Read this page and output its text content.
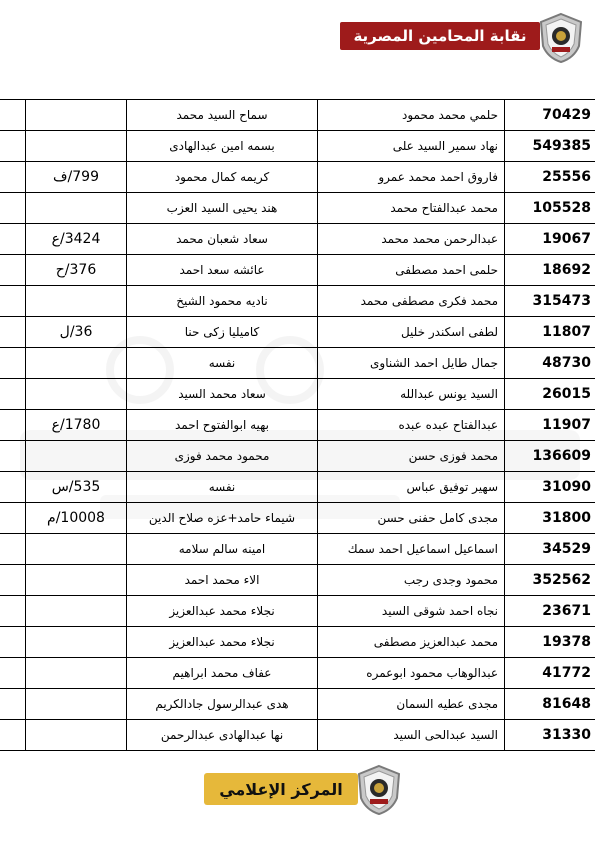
نقابة المحامين المصرية
70429	حلمي محمد محمود	سماح السيد محمد		
549385	نهاد سمير السيد على	بسمه امين عبدالهادى		
25556	فاروق احمد محمد عمرو	كريمه كمال محمود	799/ف	
105528	محمد عبدالفتاح محمد	هند يحيى السيد العزب		
19067	عبدالرحمن محمد محمد	سعاد شعبان محمد	3424/ع	
18692	حلمى احمد مصطفى	عائشه سعد احمد	376/ح	
315473	محمد فكرى مصطفى محمد	ناديه محمود الشيخ		
11807	لطفى اسكندر خليل	كاميليا زكى حنا	36/ل	
48730	جمال طايل احمد الشناوى	نفسه		
26015	السيد يونس عبدالله	سعاد محمد السيد		
11907	عبدالفتاح عبده عبده	بهيه ابوالفتوح احمد	1780/ع	
136609	محمد فوزى حسن	محمود محمد فوزى		
31090	سهير توفيق عباس	نفسه	535/س	
31800	مجدى كامل حفنى حسن	شيماء حامد+عزه صلاح الدين	10008/م	
34529	اسماعيل اسماعيل احمد سمك	امينه سالم سلامه		
352562	محمود وجدى رجب	الاء محمد احمد		
23671	نجاه احمد شوقى السيد	نجلاء محمد عبدالعزيز		
19378	محمد عبدالعزيز مصطفى	نجلاء محمد عبدالعزيز		
41772	عبدالوهاب محمود ابوعمره	عفاف محمد ابراهيم		
81648	مجدى عطيه السمان	هدى عبدالرسول جادالكريم		
31330	السيد عبدالحى السيد	نها عبدالهادى عبدالرحمن		
المركز الإعلامي
